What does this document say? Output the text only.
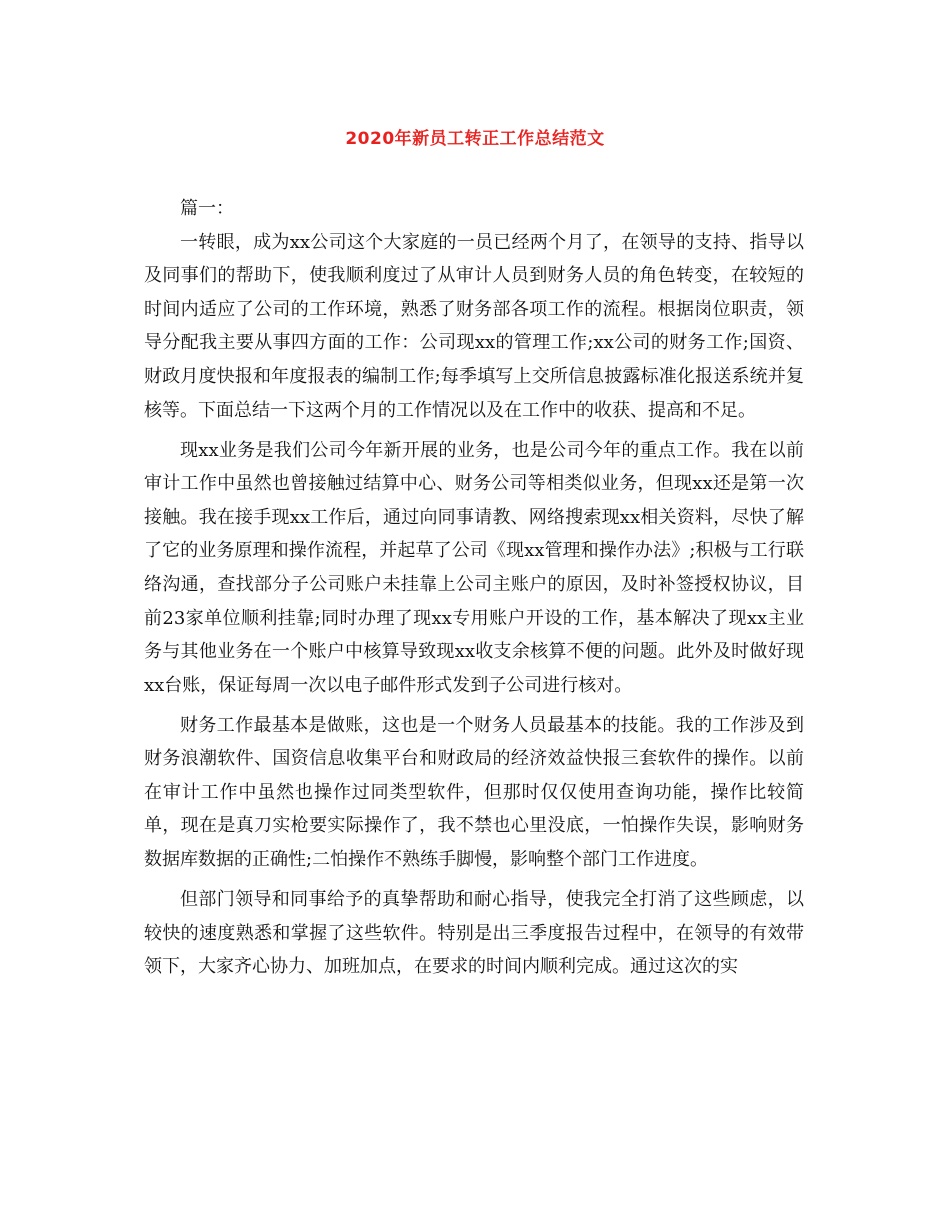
2020年新员工转正工作总结范文

篇一：

一转眼，成为xx公司这个大家庭的一员已经两个月了，在领导的支持、指导以及同事们的帮助下，使我顺利度过了从审计人员到财务人员的角色转变，在较短的时间内适应了公司的工作环境，熟悉了财务部各项工作的流程。根据岗位职责，领导分配我主要从事四方面的工作：公司现xx的管理工作;xx公司的财务工作;国资、财政月度快报和年度报表的编制工作;每季填写上交所信息披露标准化报送系统并复核等。下面总结一下这两个月的工作情况以及在工作中的收获、提高和不足。

现xx业务是我们公司今年新开展的业务，也是公司今年的重点工作。我在以前审计工作中虽然也曾接触过结算中心、财务公司等相类似业务，但现xx还是第一次接触。我在接手现xx工作后，通过向同事请教、网络搜索现xx相关资料，尽快了解了它的业务原理和操作流程，并起草了公司《现xx管理和操作办法》;积极与工行联络沟通，查找部分子公司账户未挂靠上公司主账户的原因，及时补签授权协议，目前23家单位顺利挂靠;同时办理了现xx专用账户开设的工作，基本解决了现xx主业务与其他业务在一个账户中核算导致现xx收支余核算不便的问题。此外及时做好现xx台账，保证每周一次以电子邮件形式发到子公司进行核对。

财务工作最基本是做账，这也是一个财务人员最基本的技能。我的工作涉及到财务浪潮软件、国资信息收集平台和财政局的经济效益快报三套软件的操作。以前在审计工作中虽然也操作过同类型软件，但那时仅仅使用查询功能，操作比较简单，现在是真刀实枪要实际操作了，我不禁也心里没底，一怕操作失误，影响财务数据库数据的正确性;二怕操作不熟练手脚慢，影响整个部门工作进度。

但部门领导和同事给予的真挚帮助和耐心指导，使我完全打消了这些顾虑，以较快的速度熟悉和掌握了这些软件。特别是出三季度报告过程中，在领导的有效带领下，大家齐心协力、加班加点，在要求的时间内顺利完成。通过这次的实
